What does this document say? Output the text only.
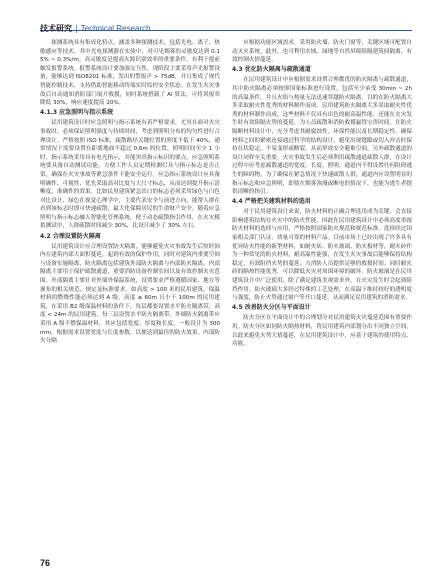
技术研究 | Technical Research

探测系统具有集成化特点，涵盖多种探测技术，包括光电、离子、热敏感应等技术，其中光电探测器在实验中，对可见烟雾的灵敏度达到 0.15% ~ 0.3%/m。高灵敏度是提高火源识别效率的重要条件，有利于提前触发报警系统。报警系统设计要加强交互性，现阶段主要采用声光报警设备，能够达到 ISO8201 标准，发出的警报声 > 75dB，并且集成了现代智能控制技术，支持借助智能移动终端实时监控安全状态。在发生火灾事故后自动通知消防部门展开救援，同时系统搭载了 AI 算法，可将误报率降低 30%，响应速度提高 20%。

4.1.3 应急照明与指示系统

民用建筑设计时应急照明与指示系统有着严格要求，尤其在面对火灾事故时，必须保证照明强度与持续时间，考虑到照明分布的均匀性进行合理设计，严格按照 ISO 标准，疏散路径关键位置的照度不低于 40%，通常情况下需要设置在距离地面不超过 0.6m 的位置，照明时间至少 1 小时。指示系统采用具有电光指示，并能突出指示标识的要点，应急照明系统要具备自动测试功能，方便工作人员定期检测灯具与指示标志是否正常，确保在火灾事故等紧急条件下能安全运行。应急指示系统设计应具备明确性、可视性，优先采取高对比度与大尺寸标志，从而达到提升指示清晰度，准确性的效果。比如民用建筑紧急出口的标志必须采用绿色与白色对比设计，绿色在视觉心理学中，主要代表安全与前进方向，能帮人群在看到该标志时即可快速疏散，最大化保障居民的生命财产安全。随着应急照明与指示标志融入智能化管理系统，便于动态疏散指引作用，在火灾模拟测试中，人群疏散时间减少 30%，比设计减少了 30% 左右。

4.2 合理设置防火隔离

民用建筑设计应合理设置防火隔离，能够避免火灾事故发生后短时间内在建筑内部大面积蔓延，起到有效的保护作用，同时对建筑内重要空间与设备实施隔离，防火隔离包括建筑外部防火隔离与内部防火隔离。内部隔离主要用于保护疏散通道、重要消防设备控制室间以及有效控制火灾范围。外部隔离主要针对外墙外保温系统，设置要求严格遵循国家、地方等颁布的相关规范、规定及标准要求。如高度 > 100 米的民用建筑，保温材料的燃烧性能必须达到 A 级，高度 ≥ 60m 且小于 100m 的民用建筑，在采用 B2 级保温材料的条件下，每层都要设置水平防火隔离带，高度 < 24m 的民用建筑，每三层设置水平防火隔离带。外墙防火隔离带应采用 A 级不燃保温材料，其应包括宽度、厚度和长度，一般设计为 300mm，根据需求设置宽度与长度参数，以便达到最佳的防火效果。内部防火分隔

应根据功能区域需求，采用防火墙、防火门窗等，关键区域可配置自动灭火系统，此外，也可利用水域、绿地等自然屏障阻隔建筑间隔离，有效控制火情蔓延。

4.3 优化防火隔离与疏散通道

在民用建筑设计中应根据需求设置合理都优的防火隔离与疏散通道，其中防火隔离必须按照国家标准进行设置，包括至少承受 30min ~ 2h 的高温条件，并且火焰与热量无法迅速穿越防火隔离，目的在防火隔离大多采取耐火性优秀的材料制作而成。民用建筑防火隔离大多采取耐火性优秀的材料制作而成，这些材料不仅具有出色的耐高温性能，还能在火灾发生时有效阻隔火势的蔓延，为人员疏散和消防救援赢得宝贵时间。在防火隔断材料设计中，充分考虑其耐腐蚀性、环保性能以及长期稳定性，确保材料之间的紧密连接通过科学的结构设计，避免出现缝隙或切入冲击时保持在状稳定，不易变形或断裂，从而形成安全避难空间。另外疏散通道的设计同样至关重要，火灾事故发生后必须利用疏散通道疏散人群，在设计过程中应考虑疏散通道的宽度、长度、照明、通道内不得设置任何阻碍逃生的障碍物，为了确保在紧急情况下快速疏散人群，通道内应设置明显的指示标志和应急照明，即使在烟雾弥漫或断电的情况下，也能为逃生者提供清晰的指引。

4.4 严格把关建筑材料的选用

对于民用建筑设计来说，防火材料的正确合理选用成为关键，会直接影响建筑结构在火灾中的防火性能，因此在民用建筑设计中必须高度重视防火材料的选择与应用，严格按照国家防火规范和规范标准，选择经过国家相关部门认证、质量可靠的材料产品。目前市场上已经出现了许多具有优异防火性能的新型材料，如耐火砖、防火玻璃、防火板材等，耐火砖作为一种常见的防火材料，耐高温性能强，在发生火灾事故后能够保持结构稳定，有效阻挡火势的蔓延；方消防人员提供足够的救援时间。同时耐火砖的隔热性能优秀，可以降低火灾对周围环境的破坏。防火玻璃是在民用建筑设计中广泛使用，除了满足建筑美观需求外，在火灾发生时会起到阻挡作用。防火玻璃大多经过特殊的工艺处理，在高温下维持较好的透明度与强度，防止火势通过窗户等开口蔓延，从而满足民用建筑的消防需求。

4.5 改善防火分区与平面设计

防火分区在平面设计中的合理划分对民用建筑火灾蔓延范围有重要作用。防火分区如同防火隔热材料，将民用建筑内部划分出不同独立空间，以此来避免火势大情蔓延，在民用建筑设计中，应基于建筑的使用特点、功能、

76
